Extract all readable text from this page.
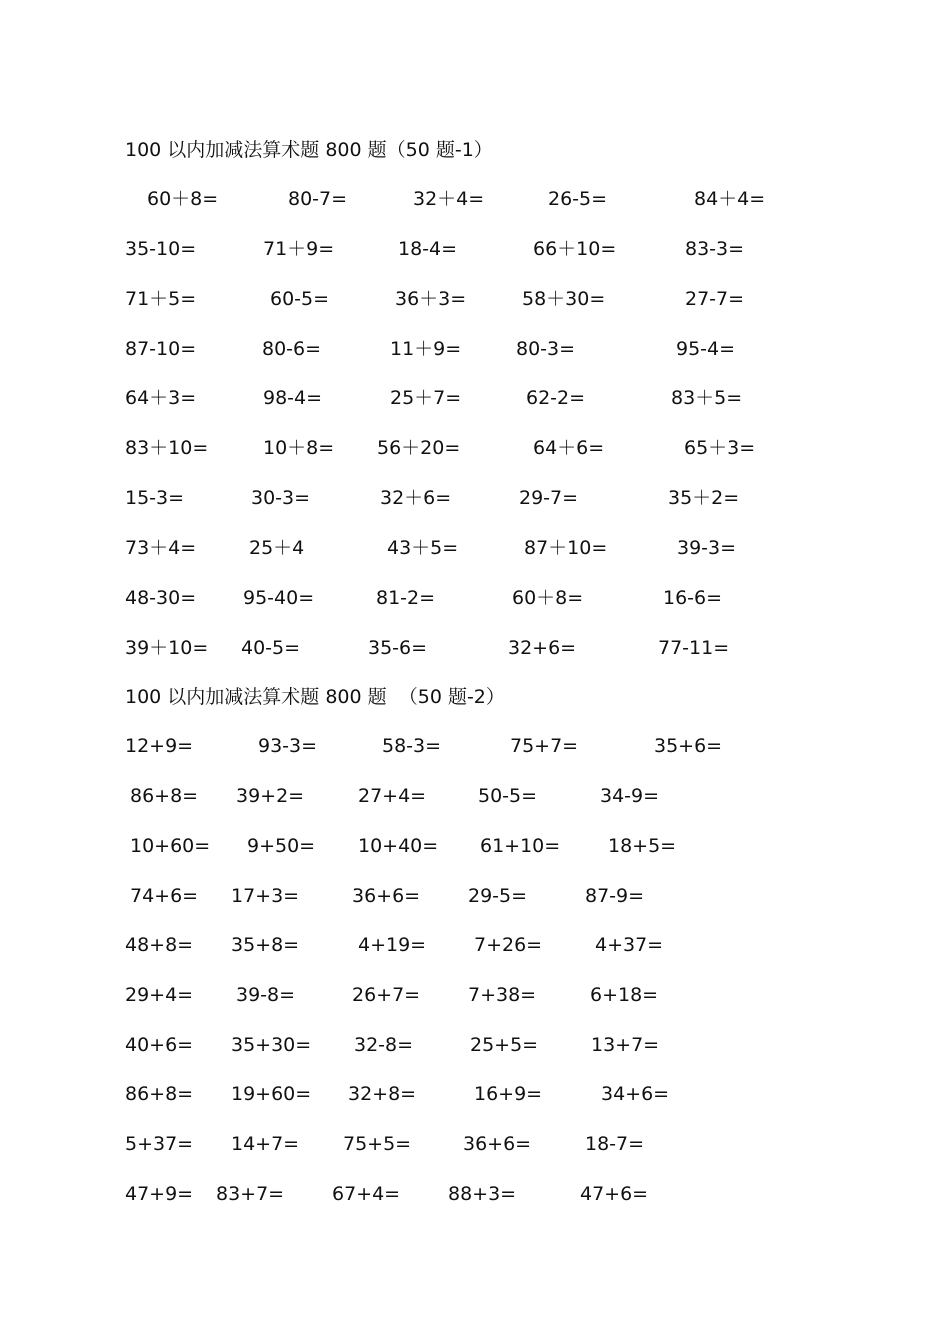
100 以内加减法算术题 800 题（50 题-1）
60＋8=	80-7=	32＋4=	26-5=	84＋4=
35-10=	71＋9=	18-4=	66＋10=	83-3=
71＋5=	60-5=	36＋3=	58＋30=	27-7=
87-10=	80-6=	11＋9=	80-3=	95-4=
64＋3=	98-4=	25＋7=	62-2=	83＋5=
83＋10=	10＋8= 56＋20=	64＋6=	65＋3=
15-3=	30-3=	32＋6=	29-7=	35＋2=
73＋4=	25＋4	43＋5=	87＋10=	39-3=
48-30= 95-40=	81-2=	60＋8=	16-6=
39＋10= 40-5=	35-6=	32+6=	77-11=
100 以内加减法算术题 800 题  （50 题-2）
12+9=	93-3=	58-3=	75+7=	35+6=
86+8= 39+2=	27+4=	50-5=	34-9=
10+60= 9+50= 10+40= 61+10=	18+5=
74+6= 17+3=	36+6=	29-5=	87-9=
48+8= 35+8=	4+19=	7+26=	4+37=
29+4= 39-8=	26+7=	7+38=	6+18=
40+6= 35+30= 32-8=	25+5=	13+7=
86+8= 19+60= 32+8=	16+9=	34+6=
5+37= 14+7= 75+5=	36+6=	18-7=
47+9= 83+7=	67+4=	88+3=	47+6=
